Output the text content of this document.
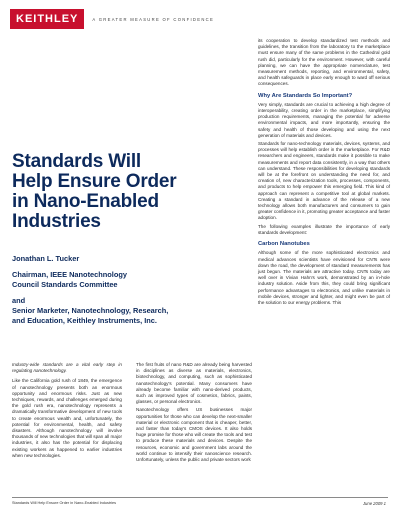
KEITHLEY	A GREATER MEASURE OF CONFIDENCE
Standards Will
Help Ensure Order
in Nano-Enabled
Industries
Jonathan L. Tucker
Chairman, IEEE Nanotechnology
Council Standards Committee
and
Senior Marketer, Nanotechnology, Research,
and Education, Keithley Instruments, Inc.

its cooperation to develop standardized test methods and guidelines, the transition from the laboratory to the marketplace must ensure many of the same problems in the Cathedral gold rush did, particularly for the environment. However, with careful planning, we can have the appropriate nomenclature, test measurement methods, reporting, and environmental, safety, and health safeguards in place early enough to ward off serious consequences.

Why Are Standards So Important?

Very simply, standards are crucial to achieving a high degree of interoperability, creating order in the marketplace, simplifying production requirements, managing the potential for adverse environmental impacts, and more importantly, ensuring the safety and health of those developing and using the next generation of materials and devices.

Standards for nano-technology materials, devices, systems, and processes will help establish order in the marketplace. For R&D researchers and engineers, standards make it possible to make measurements and report data consistently, in a way that others can understand. These responsibilities for developing standards will be at the forefront on understanding the need for, and creation of, new characterization tools, processes, components, and products to help empower this emerging field. This kind of approach can represent a competitive tool at global markets. Creating a standard in advance of the release of a new technology allows both manufacturers and consumers to gain greater confidence in it, promoting greater acceptance and faster adoption.

The following examples illustrate the importance of early standards development:

Carbon Nanotubes

Although some of the more sophisticated electronics and medical advances scientists have envisioned for CNTs were down the road, the development of standard measurements has just begun. The materials are attractive today. CNTs today are well over in Vivian Hahn's work, demonstrated by an in-hole industry solution. Aside from this, they could bring significant performance advantages to electronics, and unlike materials in mobile devices, stronger and lighter, and might even be part of the solution to our energy problems. This

Industry-wide standards are a vital early step in regulating nanotechnology.

Like the California gold rush of 1849, the emergence of nanotechnology presents both an enormous opportunity and enormous risks. Just as new techniques, rewards, and challenges emerged during the gold rush era, nanotechnology represents a dramatically transformative development of new tools to create enormous wealth and, unfortunately, the potential for environmental, health, and safety disasters. Although nanotechnology will involve thousands of new technologies that will span all major industries, it also has the potential for displacing existing workers as happened to earlier industries when new technologies.

The first fruits of nano R&D are already being harvested in disciplines as diverse as materials, electronics, biotechnology, and computing, such as sophisticated nanotechnology's potential. Many consumers have already become familiar with nano-derived products, such as improved types of cosmetics, fabrics, paints, glasses, or personal electronics.

Nanotechnology offers US businesses major opportunities for those who can develop the next-smaller material or electronic component that is cheaper, better, and faster than today's CMOS devices. It also holds huge promise for those who will create the tools and test to produce these materials and devices. Despite the resources, economic and government labs around the world continue to intensify their nanoscience research. Unfortunately, unless the public and private sectors work

Standards Will Help Ensure Order in Nano-Enabled Industries	June 2009 1
